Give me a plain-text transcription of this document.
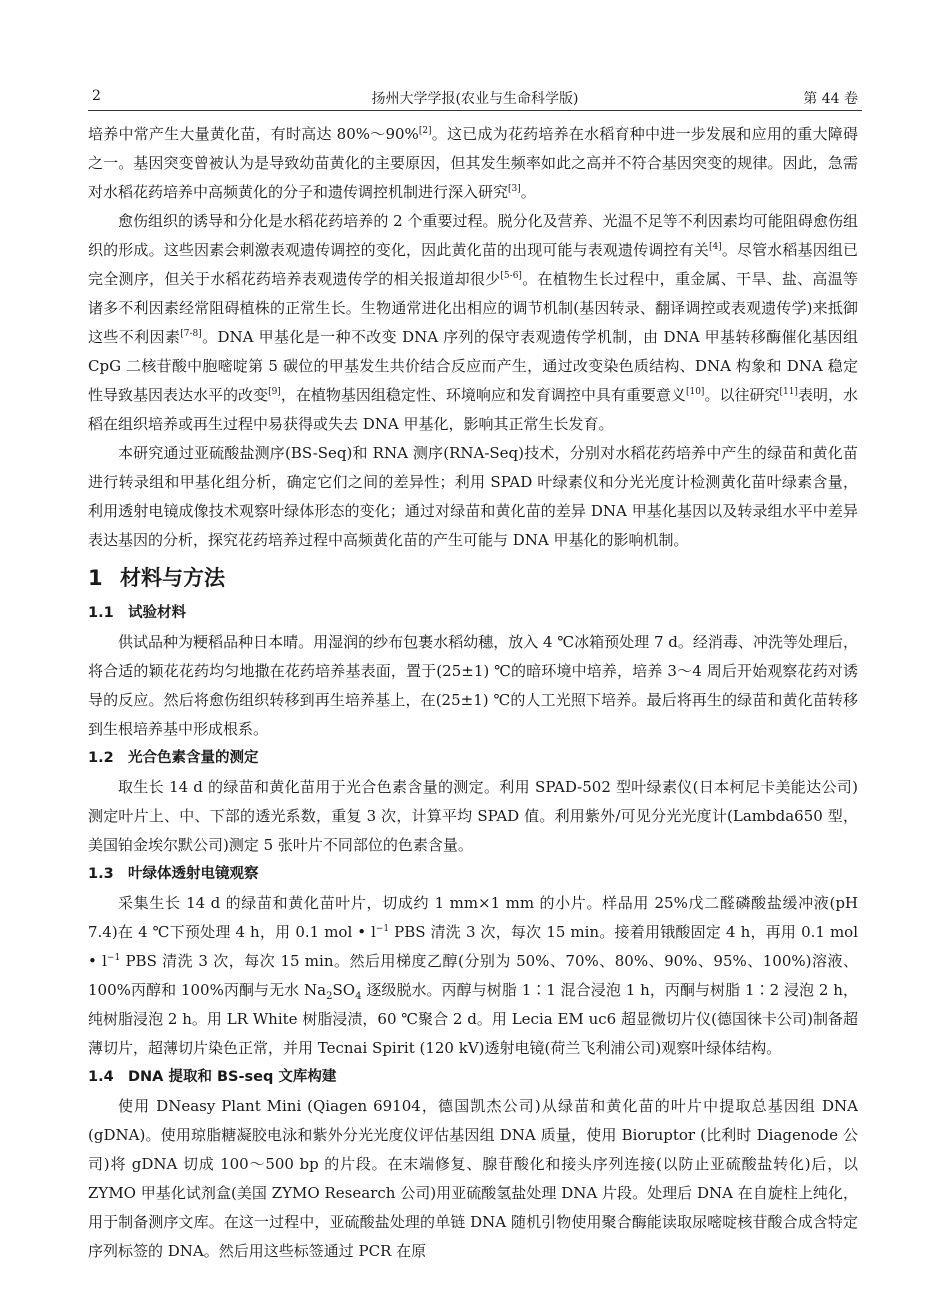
2	扬州大学学报(农业与生命科学版)	第 44 卷

培养中常产生大量黄化苗，有时高达 80%～90%[2]。这已成为花药培养在水稻育种中进一步发展和应用的重大障碍之一。基因突变曾被认为是导致幼苗黄化的主要原因，但其发生频率如此之高并不符合基因突变的规律。因此，急需对水稻花药培养中高频黄化的分子和遗传调控机制进行深入研究[3]。

愈伤组织的诱导和分化是水稻花药培养的 2 个重要过程。脱分化及营养、光温不足等不利因素均可能阻碍愈伤组织的形成。这些因素会刺激表观遗传调控的变化，因此黄化苗的出现可能与表观遗传调控有关[4]。尽管水稻基因组已完全测序，但关于水稻花药培养表观遗传学的相关报道却很少[5-6]。在植物生长过程中，重金属、干旱、盐、高温等诸多不利因素经常阻碍植株的正常生长。生物通常进化出相应的调节机制(基因转录、翻译调控或表观遗传学)来抵御这些不利因素[7-8]。DNA 甲基化是一种不改变 DNA 序列的保守表观遗传学机制，由 DNA 甲基转移酶催化基因组 CpG 二核苷酸中胞嘧啶第 5 碳位的甲基发生共价结合反应而产生，通过改变染色质结构、DNA 构象和 DNA 稳定性导致基因表达水平的改变[9]，在植物基因组稳定性、环境响应和发育调控中具有重要意义[10]。以往研究[11]表明，水稻在组织培养或再生过程中易获得或失去 DNA 甲基化，影响其正常生长发育。

本研究通过亚硫酸盐测序(BS-Seq)和 RNA 测序(RNA-Seq)技术，分别对水稻花药培养中产生的绿苗和黄化苗进行转录组和甲基化组分析，确定它们之间的差异性；利用 SPAD 叶绿素仪和分光光度计检测黄化苗叶绿素含量，利用透射电镜成像技术观察叶绿体形态的变化；通过对绿苗和黄化苗的差异 DNA 甲基化基因以及转录组水平中差异表达基因的分析，探究花药培养过程中高频黄化苗的产生可能与 DNA 甲基化的影响机制。

1 材料与方法
1.1 试验材料

供试品种为粳稻品种日本晴。用湿润的纱布包裹水稻幼穗，放入 4 ℃冰箱预处理 7 d。经消毒、冲洗等处理后，将合适的颖花花药均匀地撒在花药培养基表面，置于(25±1) ℃的暗环境中培养，培养 3～4 周后开始观察花药对诱导的反应。然后将愈伤组织转移到再生培养基上，在(25±1) ℃的人工光照下培养。最后将再生的绿苗和黄化苗转移到生根培养基中形成根系。

1.2 光合色素含量的测定

取生长 14 d 的绿苗和黄化苗用于光合色素含量的测定。利用 SPAD-502 型叶绿素仪(日本柯尼卡美能达公司)测定叶片上、中、下部的透光系数，重复 3 次，计算平均 SPAD 值。利用紫外/可见分光光度计(Lambda650 型，美国铂金埃尔默公司)测定 5 张叶片不同部位的色素含量。

1.3 叶绿体透射电镜观察

采集生长 14 d 的绿苗和黄化苗叶片，切成约 1 mm×1 mm 的小片。样品用 25%戊二醛磷酸盐缓冲液(pH 7.4)在 4 ℃下预处理 4 h，用 0.1 mol • $l^{-1}$ PBS 清洗 3 次，每次 15 min。接着用锇酸固定 4 h，再用 0.1 mol • $l^{-1}$ PBS 清洗 3 次，每次 15 min。然后用梯度乙醇(分别为 50%、70%、80%、90%、95%、100%)溶液、100%丙醇和 100%丙酮与无水 $Na_2SO_4$ 逐级脱水。丙醇与树脂 1∶1 混合浸泡 1 h，丙酮与树脂 1∶2 浸泡 2 h，纯树脂浸泡 2 h。用 LR White 树脂浸渍，60 ℃聚合 2 d。用 Lecia EM uc6 超显微切片仪(德国徕卡公司)制备超薄切片，超薄切片染色正常，并用 Tecnai Spirit (120 kV)透射电镜(荷兰飞利浦公司)观察叶绿体结构。

1.4 DNA 提取和 BS-seq 文库构建

使用 DNeasy Plant Mini (Qiagen 69104，德国凯杰公司)从绿苗和黄化苗的叶片中提取总基因组 DNA (gDNA)。使用琼脂糖凝胶电泳和紫外分光光度仪评估基因组 DNA 质量，使用 Bioruptor (比利时 Diagenode 公司)将 gDNA 切成 100～500 bp 的片段。在末端修复、腺苷酸化和接头序列连接(以防止亚硫酸盐转化)后，以 ZYMO 甲基化试剂盒(美国 ZYMO Research 公司)用亚硫酸氢盐处理 DNA 片段。处理后 DNA 在自旋柱上纯化，用于制备测序文库。在这一过程中，亚硫酸盐处理的单链 DNA 随机引物使用聚合酶能读取尿嘧啶核苷酸合成含特定序列标签的 DNA。然后用这些标签通过 PCR 在原
